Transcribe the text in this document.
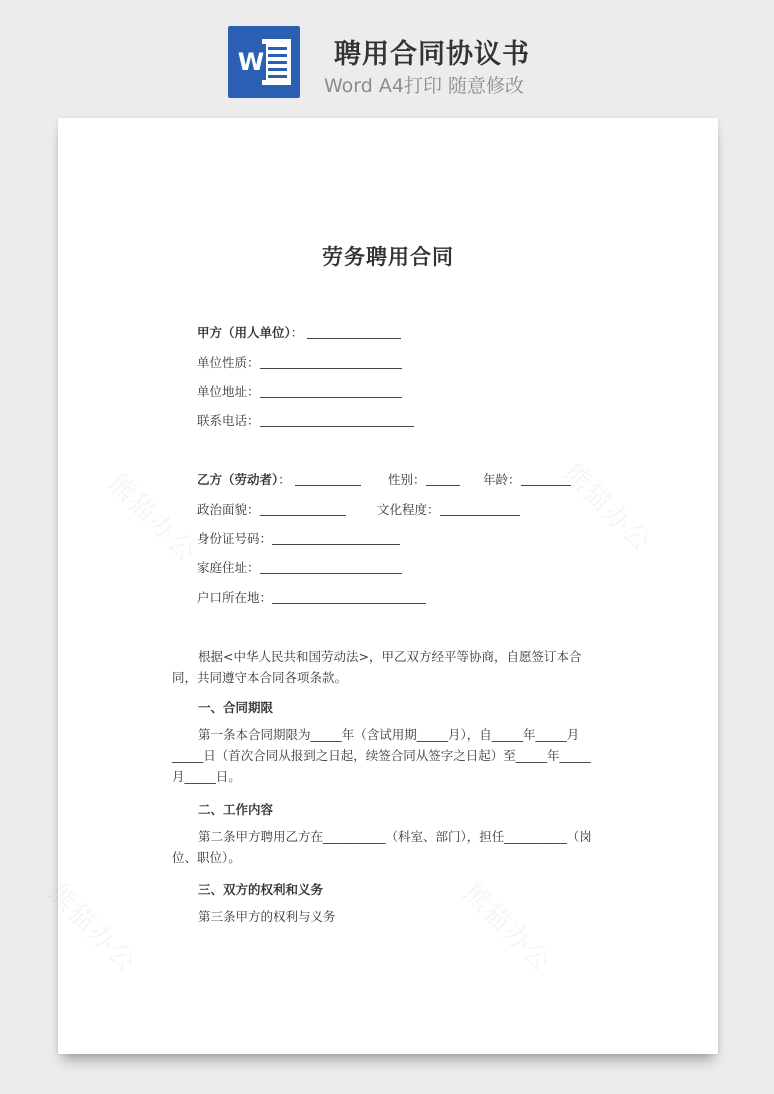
W	聘用合同协议书
Word A4打印 随意修改
熊猫办公	熊猫办公
熊猫办公	熊猫办公
劳务聘用合同
甲方（用人单位）：
单位性质：
单位地址：
联系电话：
乙方（劳动者）：	性别：	年龄：
政治面貌：	文化程度：
身份证号码：
家庭住址：
户口所在地：
根据<中华人民共和国劳动法>，甲乙双方经平等协商，自愿签订本合同，共同遵守本合同各项条款。
一、合同期限
第一条本合同期限为_____年（含试用期_____月），自_____年_____月_____日（首次合同从报到之日起，续签合同从签字之日起）至_____年_____月_____日。
二、工作内容
第二条甲方聘用乙方在__________（科室、部门），担任__________（岗位、职位）。
三、双方的权利和义务
第三条甲方的权利与义务
